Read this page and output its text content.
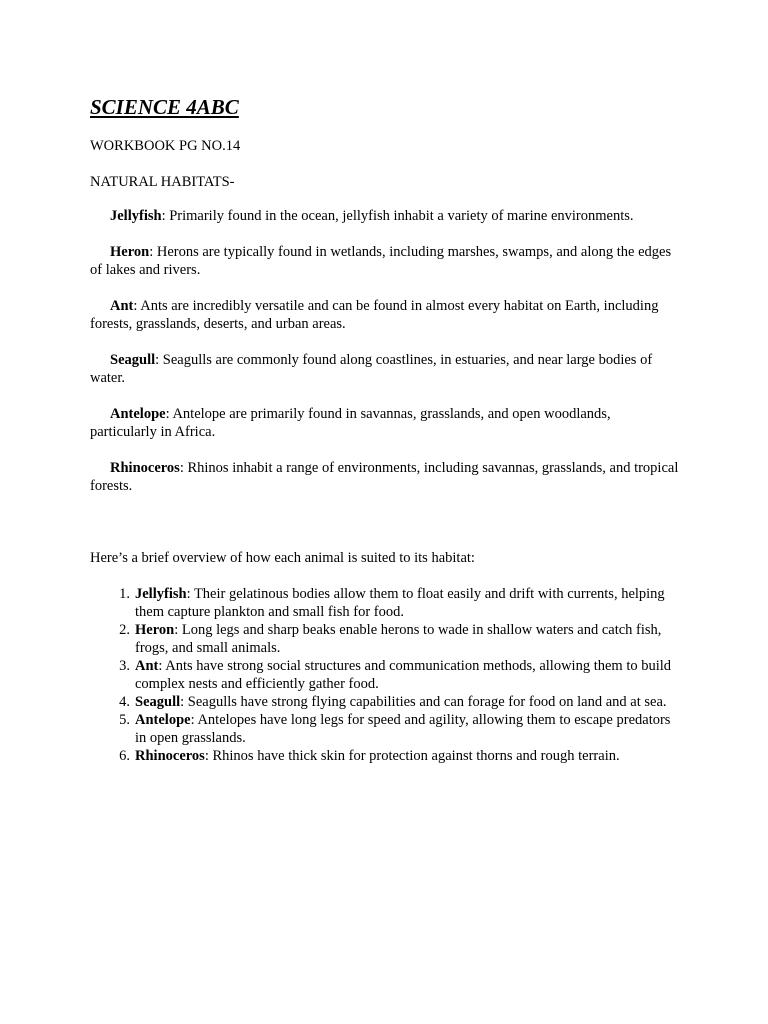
SCIENCE 4ABC

WORKBOOK PG NO.14

NATURAL HABITATS-

Jellyfish: Primarily found in the ocean, jellyfish inhabit a variety of marine environments.

Heron: Herons are typically found in wetlands, including marshes, swamps, and along the edges of lakes and rivers.

Ant: Ants are incredibly versatile and can be found in almost every habitat on Earth, including forests, grasslands, deserts, and urban areas.

Seagull: Seagulls are commonly found along coastlines, in estuaries, and near large bodies of water.

Antelope: Antelope are primarily found in savannas, grasslands, and open woodlands, particularly in Africa.

Rhinoceros: Rhinos inhabit a range of environments, including savannas, grasslands, and tropical forests.

Here’s a brief overview of how each animal is suited to its habitat:

1. Jellyfish: Their gelatinous bodies allow them to float easily and drift with currents, helping them capture plankton and small fish for food.
2. Heron: Long legs and sharp beaks enable herons to wade in shallow waters and catch fish, frogs, and small animals.
3. Ant: Ants have strong social structures and communication methods, allowing them to build complex nests and efficiently gather food.
4. Seagull: Seagulls have strong flying capabilities and can forage for food on land and at sea.
5. Antelope: Antelopes have long legs for speed and agility, allowing them to escape predators in open grasslands.
6. Rhinoceros: Rhinos have thick skin for protection against thorns and rough terrain.
